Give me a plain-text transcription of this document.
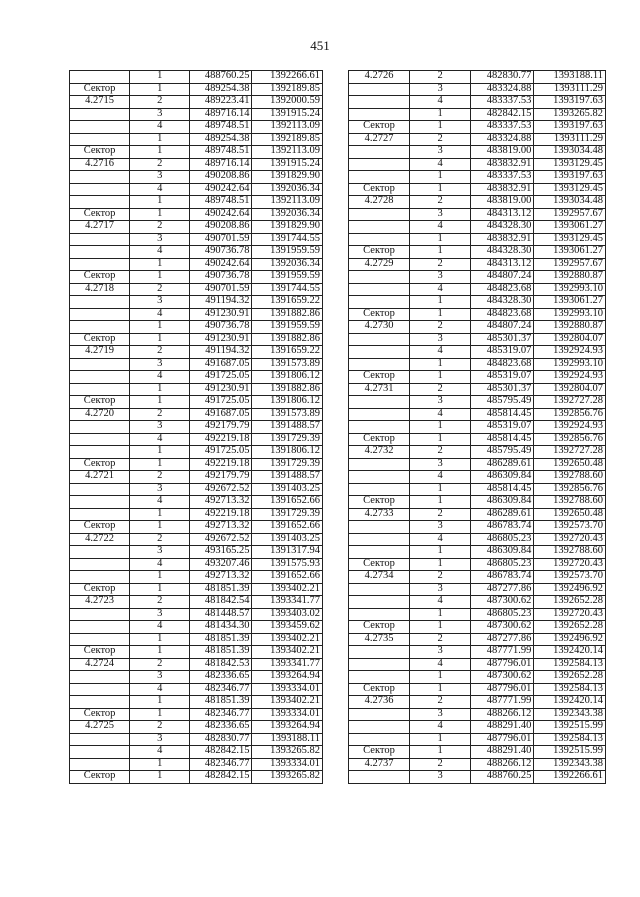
451
	1	488760.25	1392266.61
Сектор	1	489254.38	1392189.85
4.2715	2	489223.41	1392000.59
	3	489716.14	1391915.24
	4	489748.51	1392113.09
	1	489254.38	1392189.85
Сектор	1	489748.51	1392113.09
4.2716	2	489716.14	1391915.24
	3	490208.86	1391829.90
	4	490242.64	1392036.34
	1	489748.51	1392113.09
Сектор	1	490242.64	1392036.34
4.2717	2	490208.86	1391829.90
	3	490701.59	1391744.55
	4	490736.78	1391959.59
	1	490242.64	1392036.34
Сектор	1	490736.78	1391959.59
4.2718	2	490701.59	1391744.55
	3	491194.32	1391659.22
	4	491230.91	1391882.86
	1	490736.78	1391959.59
Сектор	1	491230.91	1391882.86
4.2719	2	491194.32	1391659.22
	3	491687.05	1391573.89
	4	491725.05	1391806.12
	1	491230.91	1391882.86
Сектор	1	491725.05	1391806.12
4.2720	2	491687.05	1391573.89
	3	492179.79	1391488.57
	4	492219.18	1391729.39
	1	491725.05	1391806.12
Сектор	1	492219.18	1391729.39
4.2721	2	492179.79	1391488.57
	3	492672.52	1391403.25
	4	492713.32	1391652.66
	1	492219.18	1391729.39
Сектор	1	492713.32	1391652.66
4.2722	2	492672.52	1391403.25
	3	493165.25	1391317.94
	4	493207.46	1391575.93
	1	492713.32	1391652.66
Сектор	1	481851.39	1393402.21
4.2723	2	481842.54	1393341.77
	3	481448.57	1393403.02
	4	481434.30	1393459.62
	1	481851.39	1393402.21
Сектор	1	481851.39	1393402.21
4.2724	2	481842.53	1393341.77
	3	482336.65	1393264.94
	4	482346.77	1393334.01
	1	481851.39	1393402.21
Сектор	1	482346.77	1393334.01
4.2725	2	482336.65	1393264.94
	3	482830.77	1393188.11
	4	482842.15	1393265.82
	1	482346.77	1393334.01
Сектор	1	482842.15	1393265.82
4.2726	2	482830.77	1393188.11
	3	483324.88	1393111.29
	4	483337.53	1393197.63
	1	482842.15	1393265.82
Сектор	1	483337.53	1393197.63
4.2727	2	483324.88	1393111.29
	3	483819.00	1393034.48
	4	483832.91	1393129.45
	1	483337.53	1393197.63
Сектор	1	483832.91	1393129.45
4.2728	2	483819.00	1393034.48
	3	484313.12	1392957.67
	4	484328.30	1393061.27
	1	483832.91	1393129.45
Сектор	1	484328.30	1393061.27
4.2729	2	484313.12	1392957.67
	3	484807.24	1392880.87
	4	484823.68	1392993.10
	1	484328.30	1393061.27
Сектор	1	484823.68	1392993.10
4.2730	2	484807.24	1392880.87
	3	485301.37	1392804.07
	4	485319.07	1392924.93
	1	484823.68	1392993.10
Сектор	1	485319.07	1392924.93
4.2731	2	485301.37	1392804.07
	3	485795.49	1392727.28
	4	485814.45	1392856.76
	1	485319.07	1392924.93
Сектор	1	485814.45	1392856.76
4.2732	2	485795.49	1392727.28
	3	486289.61	1392650.48
	4	486309.84	1392788.60
	1	485814.45	1392856.76
Сектор	1	486309.84	1392788.60
4.2733	2	486289.61	1392650.48
	3	486783.74	1392573.70
	4	486805.23	1392720.43
	1	486309.84	1392788.60
Сектор	1	486805.23	1392720.43
4.2734	2	486783.74	1392573.70
	3	487277.86	1392496.92
	4	487300.62	1392652.28
	1	486805.23	1392720.43
Сектор	1	487300.62	1392652.28
4.2735	2	487277.86	1392496.92
	3	487771.99	1392420.14
	4	487796.01	1392584.13
	1	487300.62	1392652.28
Сектор	1	487796.01	1392584.13
4.2736	2	487771.99	1392420.14
	3	488266.12	1392343.38
	4	488291.40	1392515.99
	1	487796.01	1392584.13
Сектор	1	488291.40	1392515.99
4.2737	2	488266.12	1392343.38
	3	488760.25	1392266.61
